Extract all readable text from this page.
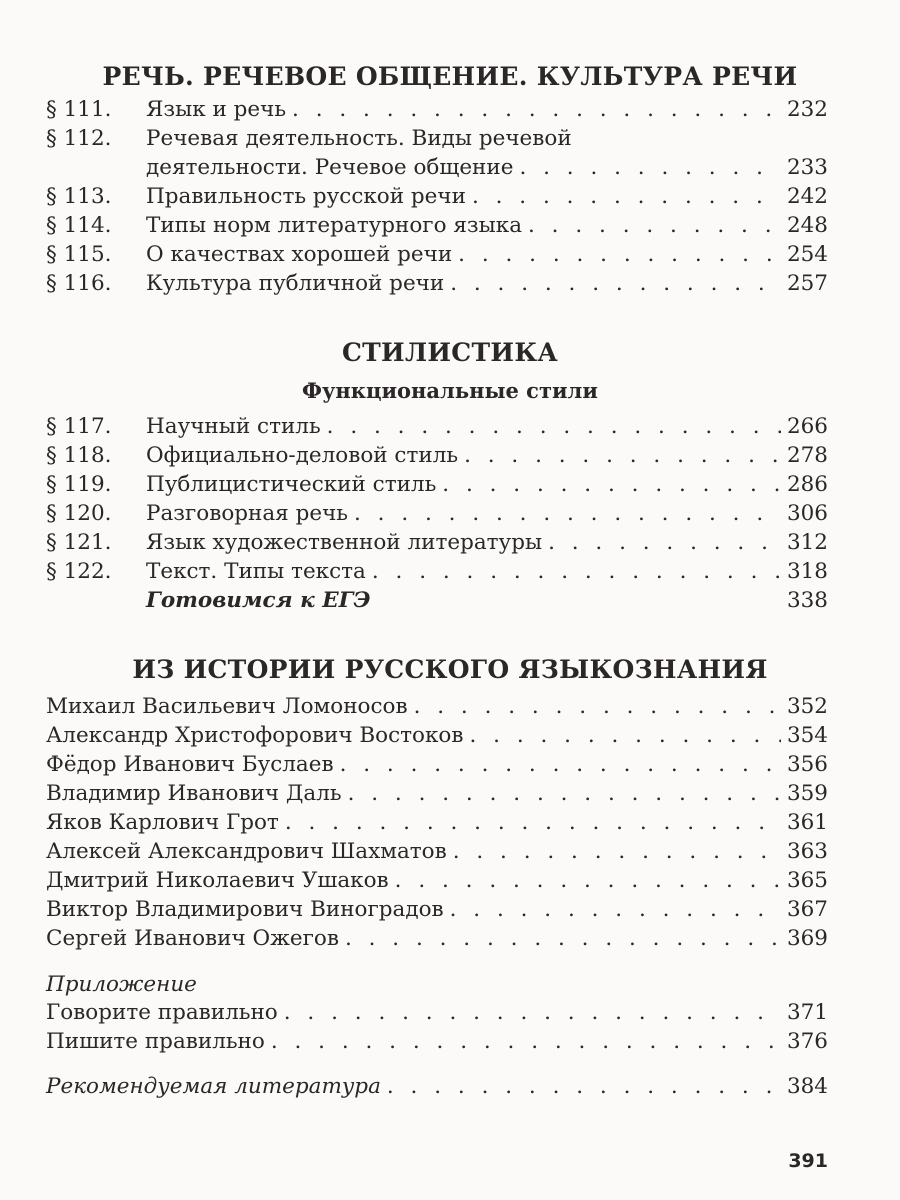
РЕЧЬ. РЕЧЕВОЕ ОБЩЕНИЕ. КУЛЬТУРА РЕЧИ
§ 111.	Язык и речь . . .	232
§ 112.	Речевая деятельность. Виды речевой
деятельности. Речевое общение . . .	233
§ 113.	Правильность русской речи . . .	242
§ 114.	Типы норм литературного языка . . .	248
§ 115.	О качествах хорошей речи . . .	254
§ 116.	Культура публичной речи . . .	257
СТИЛИСТИКА
Функциональные стили
§ 117.	Научный стиль . . .	266
§ 118.	Официально-деловой стиль . . .	278
§ 119.	Публицистический стиль . . .	286
§ 120.	Разговорная речь . . .	306
§ 121.	Язык художественной литературы . . .	312
§ 122.	Текст. Типы текста . . .	318
Готовимся к ЕГЭ	338
ИЗ ИСТОРИИ РУССКОГО ЯЗЫКОЗНАНИЯ
Михаил Васильевич Ломоносов . . .	352
Александр Христофорович Востоков . . .	354
Фёдор Иванович Буслаев . . .	356
Владимир Иванович Даль . . .	359
Яков Карлович Грот . . .	361
Алексей Александрович Шахматов . . .	363
Дмитрий Николаевич Ушаков . . .	365
Виктор Владимирович Виноградов . . .	367
Сергей Иванович Ожегов . . .	369
Приложение
Говорите правильно . . .	371
Пишите правильно . . .	376
Рекомендуемая литература . . .	384
391
